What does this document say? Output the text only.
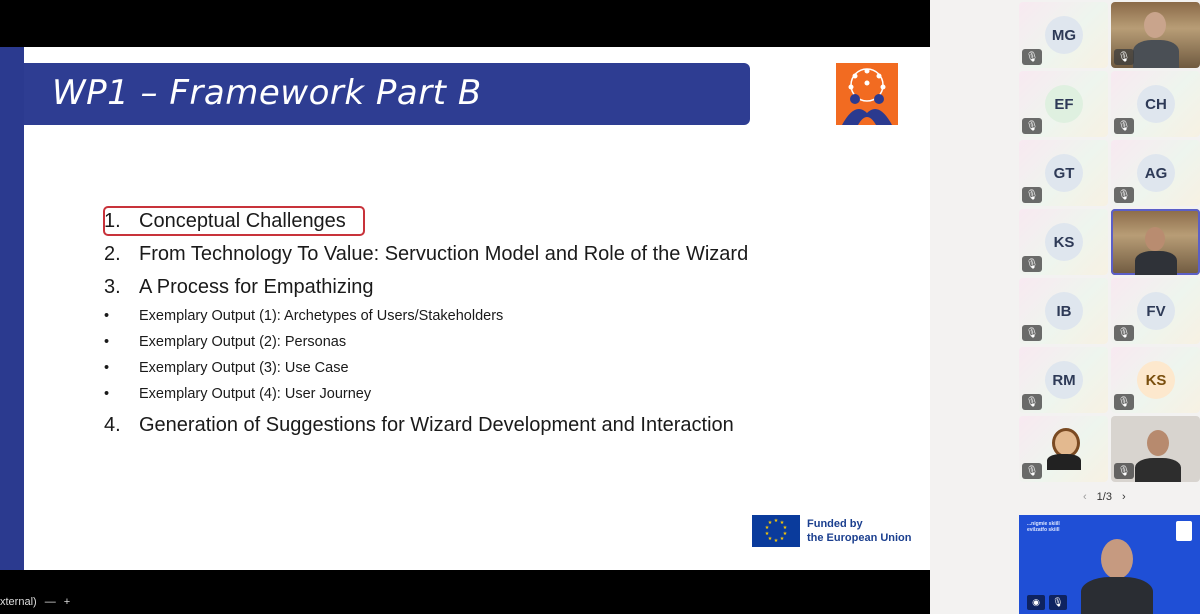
WP1 – Framework Part B
1. Conceptual Challenges
2. From Technology To Value: Servuction Model and Role of the Wizard
3. A Process for Empathizing
•	Exemplary Output (1): Archetypes of Users/Stakeholders
•	Exemplary Output (2): Personas
•	Exemplary Output (3): Use Case
•	Exemplary Output (4): User Journey
4. Generation of Suggestions for Wizard Development and Interaction
★ ★
★
★
★
★
★
★
★
★	Funded by
the European Union
xternal) — +
MG
🎙	🎙
EF
🎙
CH
🎙
GT
🎙
AG
🎙
KS
🎙
IB
🎙
FV
🎙
RM
🎙
KS
🎙
🎙	🎙
‹ 1/3 ›
...nigmie skiill
evilzatfo skiill
◉	🎙
